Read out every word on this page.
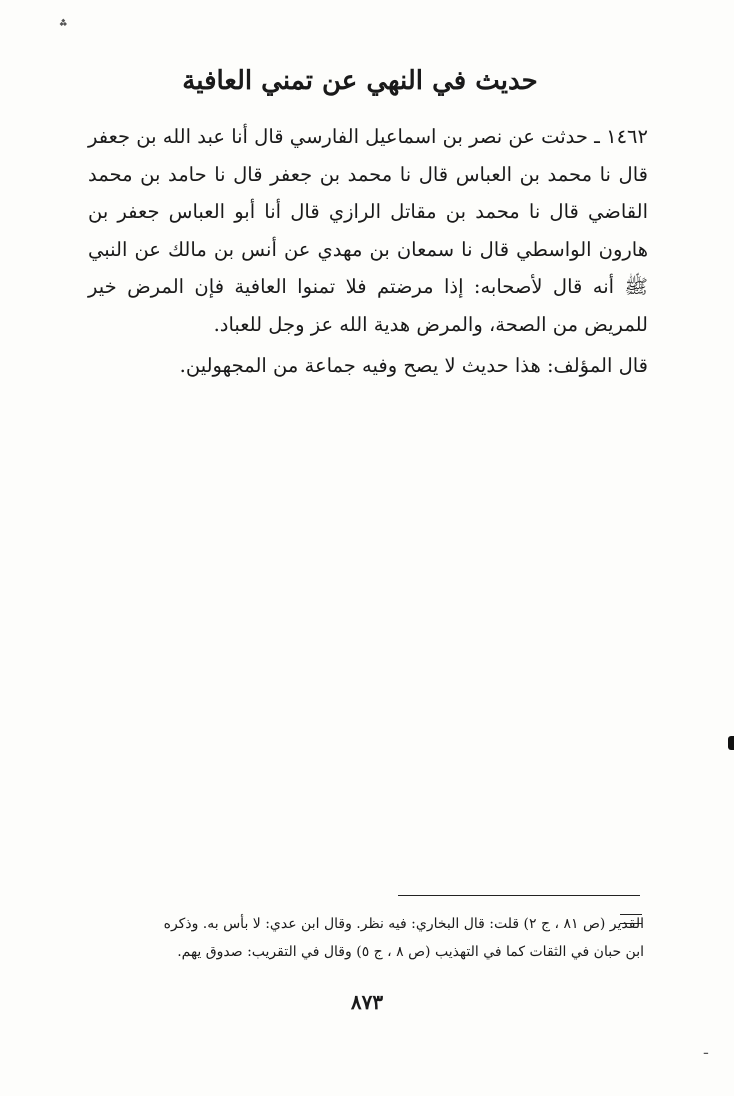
؞
حديث في النهي عن تمني العافية

١٤٦٢ ـ حدثت عن نصر بن اسماعيل الفارسي قال أنا عبد الله بن جعفر قال نا محمد بن العباس قال نا محمد بن جعفر قال نا حامد بن محمد القاضي قال نا محمد بن مقاتل الرازي قال أنا أبو العباس جعفر بن هارون الواسطي قال نا سمعان بن مهدي عن أنس بن مالك عن النبي ﷺ أنه قال لأصحابه: إذا مرضتم فلا تمنوا العافية فإن المرض خير للمريض من الصحة، والمرض هدية الله عز وجل للعباد.

قال المؤلف: هذا حديث لا يصح وفيه جماعة من المجهولين.

القدير (ص ٨١ ، ج ٢) قلت: قال البخاري: فيه نظر. وقال ابن عدي: لا بأس به. وذكره

ابن حبان في الثقات كما في التهذيب (ص ٨ ، ج ٥) وقال في التقريب: صدوق يهم.

٨٧٣
ـ
